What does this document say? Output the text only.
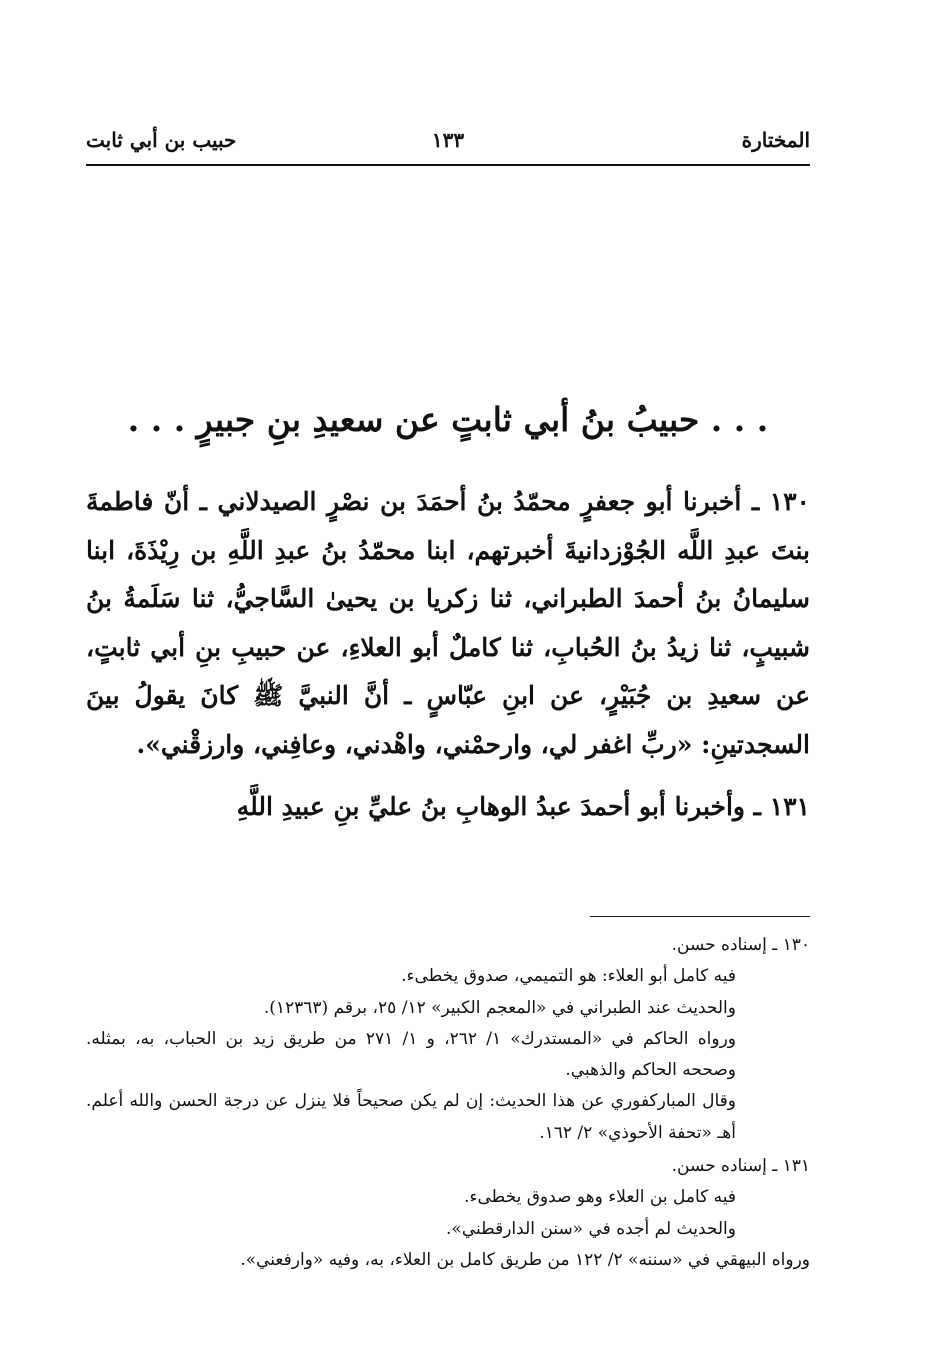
المختارة
١٣٣
حبيب بن أبي ثابت
. . . حبيبُ بنُ أبي ثابتٍ عن سعيدِ بنِ جبيرٍ . . .

١٣٠ ـ أخبرنا أبو جعفرٍ محمّدُ بنُ أحمَدَ بن نصْرٍ الصيدلاني ـ أنّ فاطمةَ بنتَ عبدِ اللَّه الجُوْزدانيةَ أخبرتهم، ابنا محمّدُ بنُ عبدِ اللَّهِ بن رِيْذَةَ، ابنا سليمانُ بنُ أحمدَ الطبراني، ثنا زكريا بن يحيىٰ السَّاجيُّ، ثنا سَلَمةُ بنُ شبيبٍ، ثنا زيدُ بنُ الحُبابِ، ثنا كاملٌ أبو العلاءِ، عن حبيبِ بنِ أبي ثابتٍ، عن سعيدِ بن جُبَيْرٍ، عن ابنِ عبّاسٍ ـ أنَّ النبيَّ ﷺ كانَ يقولُ بينَ السجدتينِ: «ربِّ اغفر لي، وارحمْني، واهْدني، وعافِني، وارزقْني».

١٣١ ـ وأخبرنا أبو أحمدَ عبدُ الوهابِ بنُ عليِّ بنِ عبيدِ اللَّهِ

١٣٠ ـ إسناده حسن.

فيه كامل أبو العلاء: هو التميمي، صدوق يخطىء.

والحديث عند الطبراني في «المعجم الكبير» ١٢/ ٢٥، برقم (١٢٣٦٣).

ورواه الحاكم في «المستدرك» ١/ ٢٦٢، و ١/ ٢٧١ من طريق زيد بن الحباب، به، بمثله. وصححه الحاكم والذهبي.

وقال المباركفوري عن هذا الحديث: إن لم يكن صحيحاً فلا ينزل عن درجة الحسن والله أعلم. أهـ «تحفة الأحوذي» ٢/ ١٦٢.

١٣١ ـ إسناده حسن.

فيه كامل بن العلاء وهو صدوق يخطىء.

والحديث لم أجده في «سنن الدارقطني».

ورواه البيهقي في «سننه» ٢/ ١٢٢ من طريق كامل بن العلاء، به، وفيه «وارفعني».
